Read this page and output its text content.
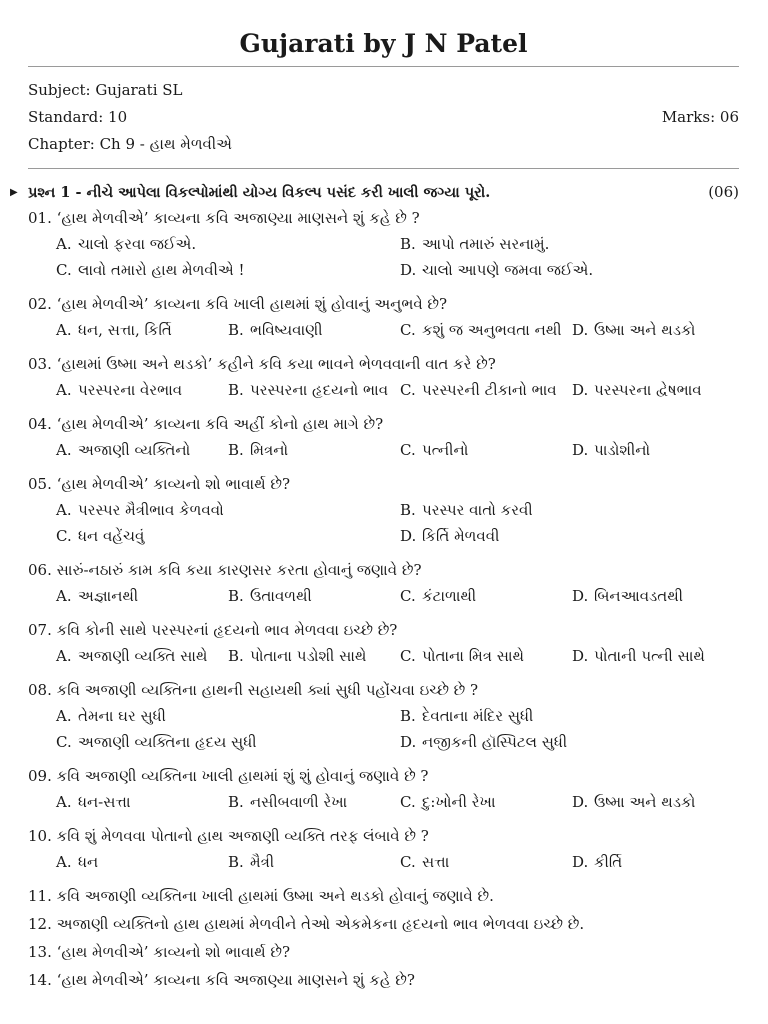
Gujarati by J N Patel
Subject: Gujarati SL
Standard: 10	Marks: 06
Chapter: Ch 9 - હાથ મેળવીએ
▶ પ્રશ્ન 1 - નીચે આપેલા વિકલ્પોમાંથી યોગ્ય વિકલ્પ પસંદ કરી ખાલી જગ્યા પૂરો.	(06)
01. ‘હાથ મેળવીએ’ કાવ્યના કવિ અજાણ્યા માણસને શું કહે છે ?
A. ચાલો ફરવા જઈએ.	B. આપો તમારું સરનામું.
C. લાવો તમારો હાથ મેળવીએ !	D. ચાલો આપણે જમવા જઈએ.
02. ‘હાથ મેળવીએ’ કાવ્યના કવિ ખાલી હાથમાં શું હોવાનું અનુભવે છે?
A. ધન, સત્તા, કિર્તિ	B. ભવિષ્યવાણી	C. કશું જ અનુભવતા નથી D. ઉષ્મા અને થડકો
03. ‘હાથમાં ઉષ્મા અને થડકો’ કહીને કવિ કયા ભાવને ભેળવવાની વાત કરે છે?
A. પરસ્પરના વેરભાવ	B. પરસ્પરના હૃદયનો ભાવ C. પરસ્પરની ટીકાનો ભાવ D. પરસ્પરના દ્વેષભાવ
04. ‘હાથ મેળવીએ’ કાવ્યના કવિ અહીં કોનો હાથ માગે છે?
A. અજાણી વ્યક્તિનો	B. મિત્રનો	C. પત્નીનો	D. પાડોશીનો
05. ‘હાથ મેળવીએ’ કાવ્યનો શો ભાવાર્થ છે?
A. પરસ્પર મૈત્રીભાવ કેળવવો	B. પરસ્પર વાતો કરવી
C. ધન વહેંચવું	D. કિર્તિ મેળવવી
06. સારું-નઠારું કામ કવિ કયા કારણસર કરતા હોવાનું જણાવે છે?
A. અજ્ઞાનથી	B. ઉતાવળથી	C. કંટાળાથી	D. બિનઆવડતથી
07. કવિ કોની સાથે પરસ્પરનાં હૃદયનો ભાવ મેળવવા ઇચ્છે છે?
A. અજાણી વ્યક્તિ સાથે B. પોતાના પડોશી સાથે C. પોતાના મિત્ર સાથે	D. પોતાની પત્ની સાથે
08. કવિ અજાણી વ્યક્તિના હાથની સહાયથી ક્યાં સુધી પહોંચવા ઇચ્છે છે ?
A. તેમના ઘર સુધી	B. દેવતાના મંદિર સુધી
C. અજાણી વ્યક્તિના હૃદય સુધી	D. નજીકની હૉસ્પિટલ સુધી
09. કવિ અજાણી વ્યક્તિના ખાલી હાથમાં શું શું હોવાનું જણાવે છે ?
A. ધન-સત્તા	B. નસીબવાળી રેખા	C. દુ:ખોની રેખા	D. ઉષ્મા અને થડકો
10. કવિ શું મેળવવા પોતાનો હાથ અજાણી વ્યક્તિ તરફ લંબાવે છે ?
A. ધન	B. મૈત્રી	C. સત્તા	D. કીર્તિ
11. કવિ અજાણી વ્યક્તિના ખાલી હાથમાં ઉષ્મા અને થડકો હોવાનું જણાવે છે.
12. અજાણી વ્યક્તિનો હાથ હાથમાં મેળવીને તેઓ એકમેકના હૃદયનો ભાવ ભેળવવા ઇચ્છે છે.
13. ‘હાથ મેળવીએ’ કાવ્યનો શો ભાવાર્થ છે?
14. ‘હાથ મેળવીએ’ કાવ્યના કવિ અજાણ્યા માણસને શું કહે છે?
